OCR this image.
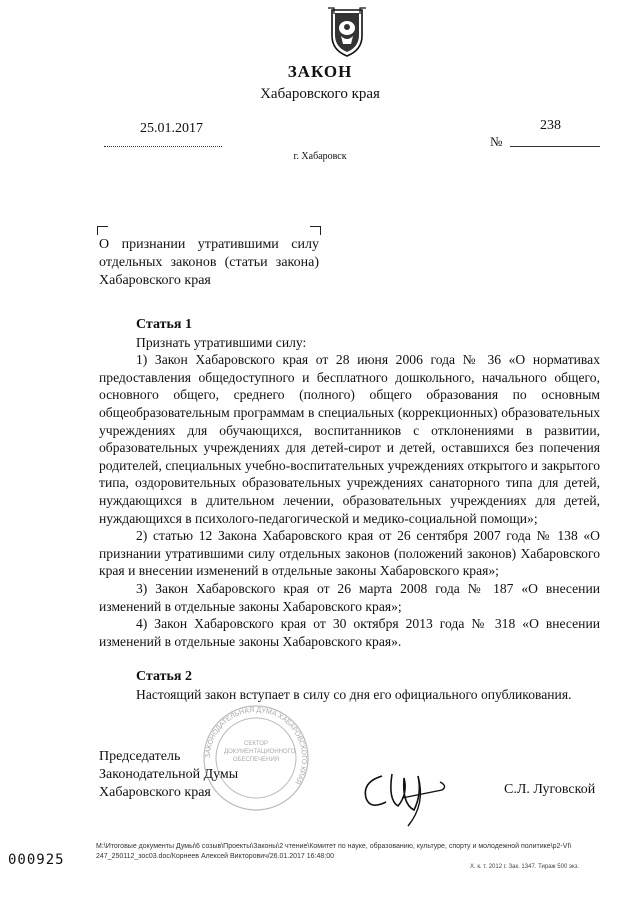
ЗАКОН
Хабаровского края
25.01.2017	238
№
г. Хабаровск
О признании утратившими силу
отдельных законов (статьи закона)
Хабаровского края

Статья 1

Признать утратившими силу:

1) Закон Хабаровского края от 28 июня 2006 года № 36 «О нормативах предоставления общедоступного и бесплатного дошкольного, начального общего, основного общего, среднего (полного) общего образования по основным общеобразовательным программам в специальных (коррекционных) образовательных учреждениях для обучающихся, воспитанников с отклонениями в развитии, образовательных учреждениях для детей-сирот и детей, оставшихся без попечения родителей, специальных учебно-воспитательных учреждениях открытого и закрытого типа, оздоровительных образовательных учреждениях санаторного типа для детей, нуждающихся в длительном лечении, образовательных учреждениях для детей, нуждающихся в психолого-педагогической и медико-социальной помощи»;

2) статью 12 Закона Хабаровского края от 26 сентября 2007 года № 138 «О признании утратившими силу отдельных законов (положений законов) Хабаровского края и внесении изменений в отдельные законы Хабаровского края»;

3) Закон Хабаровского края от 26 марта 2008 года № 187 «О внесении изменений в отдельные законы Хабаровского края»;

4) Закон Хабаровского края от 30 октября 2013 года № 318 «О внесении изменений в отдельные законы Хабаровского края».

Статья 2

Настоящий закон вступает в силу со дня его официального опубликования.

ЗАКОНОДАТЕЛЬНАЯ ДУМА ХАБАРОВСКОГО КРАЯ
СЕКТОР ДОКУМЕНТАЦИОННОГО ОБЕСПЕЧЕНИЯ
Председатель
Законодательной Думы
Хабаровского края	С.Л. Луговской
M:\Итоговые документы Думы\6 созыв\Проекты\Законы\2 чтение\Комитет по науке, образованию, культуре, спорту и молодежной политике\р2-VI\
247_250112_зос03.doc/Корнеев Алексей Викторович/26.01.2017 16:48:00
000925	Х. к. т. 2012 г. Зак. 1347. Тираж 500 экз.
